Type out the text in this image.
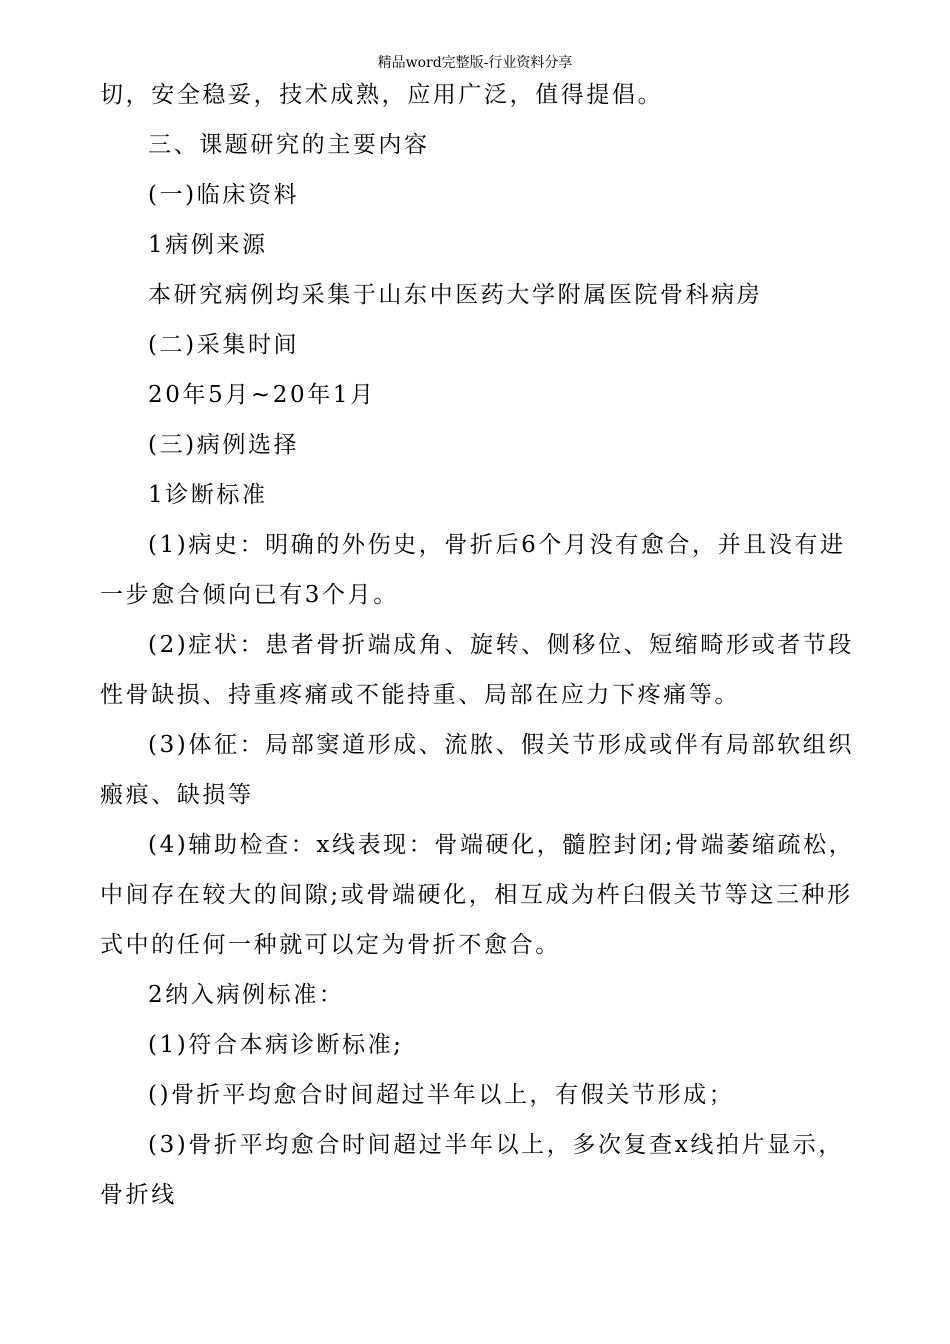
精品word完整版-行业资料分享
切，安全稳妥，技术成熟，应用广泛，值得提倡。
三、课题研究的主要内容
(一)临床资料
1病例来源
本研究病例均采集于山东中医药大学附属医院骨科病房
(二)采集时间
20年5月~20年1月
(三)病例选择
1诊断标准
(1)病史：明确的外伤史，骨折后6个月没有愈合，并且没有进
一步愈合倾向已有3个月。
(2)症状：患者骨折端成角、旋转、侧移位、短缩畸形或者节段
性骨缺损、持重疼痛或不能持重、局部在应力下疼痛等。
(3)体征：局部窦道形成、流脓、假关节形成或伴有局部软组织
瘢痕、缺损等
(4)辅助检查：x线表现：骨端硬化，髓腔封闭;骨端萎缩疏松，
中间存在较大的间隙;或骨端硬化，相互成为杵臼假关节等这三种形
式中的任何一种就可以定为骨折不愈合。
2纳入病例标准：
(1)符合本病诊断标准;
()骨折平均愈合时间超过半年以上，有假关节形成；
(3)骨折平均愈合时间超过半年以上，多次复查x线拍片显示，
骨折线
